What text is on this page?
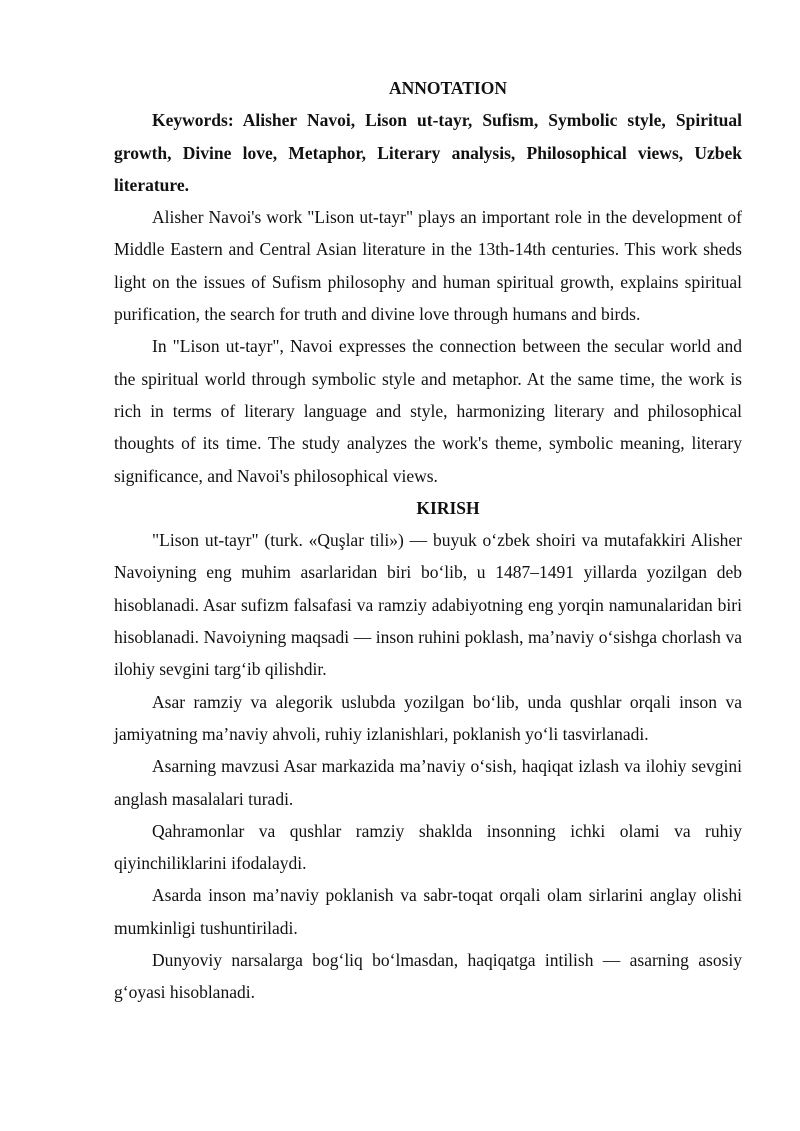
ANNOTATION

Keywords: Alisher Navoi, Lison ut-tayr, Sufism, Symbolic style, Spiritual growth, Divine love, Metaphor, Literary analysis, Philosophical views, Uzbek literature.

Alisher Navoi's work "Lison ut-tayr" plays an important role in the development of Middle Eastern and Central Asian literature in the 13th-14th centuries. This work sheds light on the issues of Sufism philosophy and human spiritual growth, explains spiritual purification, the search for truth and divine love through humans and birds.

In "Lison ut-tayr", Navoi expresses the connection between the secular world and the spiritual world through symbolic style and metaphor. At the same time, the work is rich in terms of literary language and style, harmonizing literary and philosophical thoughts of its time. The study analyzes the work's theme, symbolic meaning, literary significance, and Navoi's philosophical views.

KIRISH

"Lison ut-tayr" (turk. «Quşlar tili») — buyuk o‘zbek shoiri va mutafakkiri Alisher Navoiyning eng muhim asarlaridan biri bo‘lib, u 1487–1491 yillarda yozilgan deb hisoblanadi. Asar sufizm falsafasi va ramziy adabiyotning eng yorqin namunalaridan biri hisoblanadi. Navoiyning maqsadi — inson ruhini poklash, ma’naviy o‘sishga chorlash va ilohiy sevgini targ‘ib qilishdir.

Asar ramziy va alegorik uslubda yozilgan bo‘lib, unda qushlar orqali inson va jamiyatning ma’naviy ahvoli, ruhiy izlanishlari, poklanish yo‘li tasvirlanadi.

Asarning mavzusi Asar markazida ma’naviy o‘sish, haqiqat izlash va ilohiy sevgini anglash masalalari turadi.

Qahramonlar va qushlar ramziy shaklda insonning ichki olami va ruhiy qiyinchiliklarini ifodalaydi.

Asarda inson ma’naviy poklanish va sabr-toqat orqali olam sirlarini anglay olishi mumkinligi tushuntiriladi.

Dunyoviy narsalarga bog‘liq bo‘lmasdan, haqiqatga intilish — asarning asosiy g‘oyasi hisoblanadi.
